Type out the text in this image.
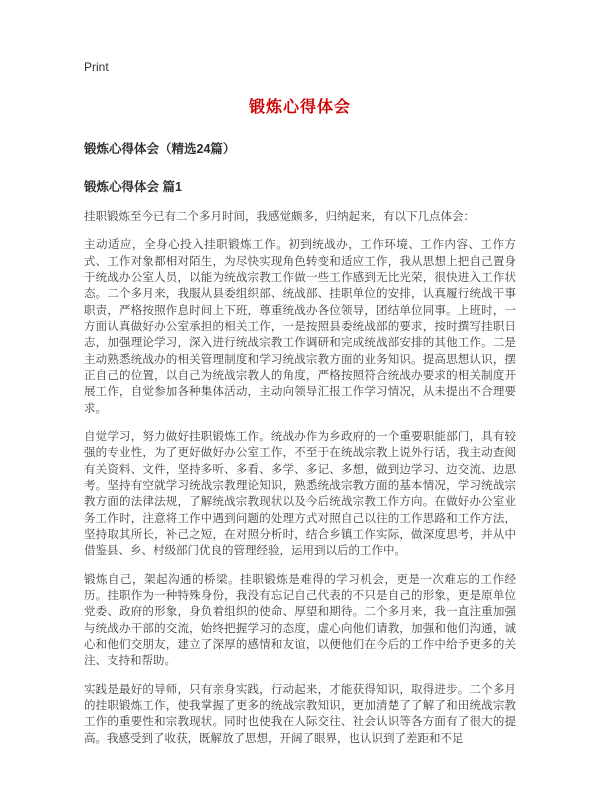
Print
锻炼心得体会
锻炼心得体会（精选24篇）
锻炼心得体会 篇1

挂职锻炼至今已有二个多月时间，我感觉颇多，归纳起来，有以下几点体会：

主动适应，全身心投入挂职锻炼工作。初到统战办，工作环境、工作内容、工作方式、工作对象都相对陌生，为尽快实现角色转变和适应工作，我从思想上把自己置身于统战办公室人员，以能为统战宗教工作做一些工作感到无比光荣，很快进入工作状态。二个多月来，我服从县委组织部、统战部、挂职单位的安排，认真履行统战干事职责，严格按照作息时间上下班，尊重统战办各位领导，团结单位同事。上班时，一方面认真做好办公室承担的相关工作，一是按照县委统战部的要求，按时撰写挂职日志，加强理论学习，深入进行统战宗教工作调研和完成统战部安排的其他工作。二是主动熟悉统战办的相关管理制度和学习统战宗教方面的业务知识。提高思想认识，摆正自己的位置，以自己为统战宗教人的角度，严格按照符合统战办要求的相关制度开展工作，自觉参加各种集体活动，主动向领导汇报工作学习情况，从未提出不合理要求。

自觉学习，努力做好挂职锻炼工作。统战办作为乡政府的一个重要职能部门，具有较强的专业性，为了更好做好办公室工作，不至于在统战宗教上说外行话，我主动查阅有关资料、文件，坚持多听、多看、多学、多记、多想，做到边学习、边交流、边思考。坚持有空就学习统战宗教理论知识，熟悉统战宗教方面的基本情况，学习统战宗教方面的法律法规，了解统战宗教现状以及今后统战宗教工作方向。在做好办公室业务工作时，注意将工作中遇到问题的处理方式对照自己以往的工作思路和工作方法，坚持取其所长，补己之短，在对照分析时，结合乡镇工作实际，做深度思考，并从中借鉴县、乡、村级部门优良的管理经验，运用到以后的工作中。

锻炼自己，架起沟通的桥梁。挂职锻炼是难得的学习机会，更是一次难忘的工作经历。挂职作为一种特殊身份，我没有忘记自己代表的不只是自己的形象，更是原单位党委、政府的形象，身负着组织的使命、厚望和期待。二个多月来，我一直注重加强与统战办干部的交流，始终把握学习的态度，虚心向他们请教，加强和他们沟通，诚心和他们交朋友，建立了深厚的感情和友谊，以便他们在今后的工作中给予更多的关注、支持和帮助。

实践是最好的导师，只有亲身实践，行动起来，才能获得知识，取得进步。二个多月的挂职锻炼工作，使我掌握了更多的统战宗教知识，更加清楚了了解了和田统战宗教工作的重要性和宗教现状。同时也使我在人际交往、社会认识等各方面有了很大的提高。我感受到了收获，既解放了思想，开阔了眼界，也认识到了差距和不足
